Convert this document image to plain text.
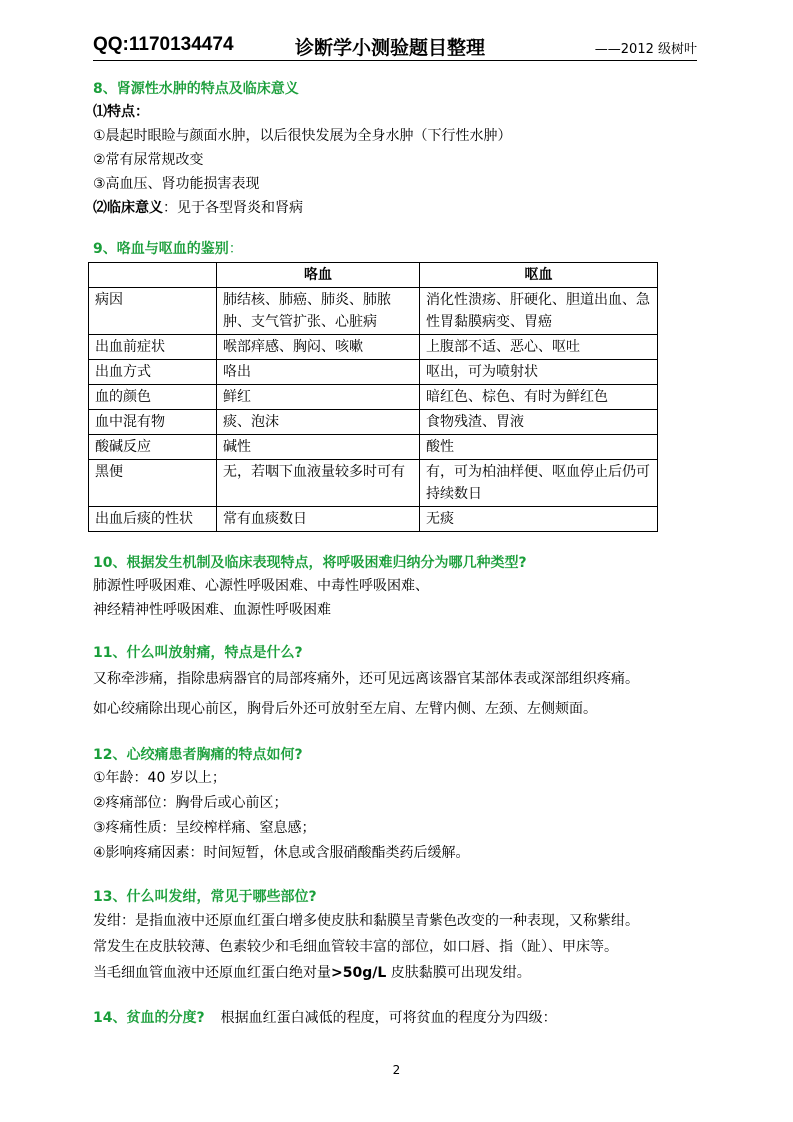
QQ:1170134474	诊断学小测验题目整理	——2012 级树叶
8、肾源性水肿的特点及临床意义
⑴特点：
①晨起时眼睑与颜面水肿，以后很快发展为全身水肿（下行性水肿）
②常有尿常规改变
③高血压、肾功能损害表现
⑵临床意义：见于各型肾炎和肾病
9、咯血与呕血的鉴别：
	咯血	呕血
病因	肺结核、肺癌、肺炎、肺脓肿、支气管扩张、心脏病	消化性溃疡、肝硬化、胆道出血、急性胃黏膜病变、胃癌
出血前症状	喉部痒感、胸闷、咳嗽	上腹部不适、恶心、呕吐
出血方式	咯出	呕出，可为喷射状
血的颜色	鲜红	暗红色、棕色、有时为鲜红色
血中混有物	痰、泡沫	食物残渣、胃液
酸碱反应	碱性	酸性
黑便	无，若咽下血液量较多时可有	有，可为柏油样便、呕血停止后仍可持续数日
出血后痰的性状	常有血痰数日	无痰
10、根据发生机制及临床表现特点，将呼吸困难归纳分为哪几种类型?
肺源性呼吸困难、心源性呼吸困难、中毒性呼吸困难、
神经精神性呼吸困难、血源性呼吸困难
11、什么叫放射痛，特点是什么?
又称牵涉痛，指除患病器官的局部疼痛外，还可见远离该器官某部体表或深部组织疼痛。
如心绞痛除出现心前区，胸骨后外还可放射至左肩、左臂内侧、左颈、左侧颊面。
12、心绞痛患者胸痛的特点如何?
①年龄：40 岁以上；
②疼痛部位：胸骨后或心前区；
③疼痛性质：呈绞榨样痛、窒息感；
④影响疼痛因素：时间短暂，休息或含服硝酸酯类药后缓解。
13、什么叫发绀，常见于哪些部位?
发绀：是指血液中还原血红蛋白增多使皮肤和黏膜呈青紫色改变的一种表现，又称紫绀。
常发生在皮肤较薄、色素较少和毛细血管较丰富的部位，如口唇、指（趾）、甲床等。
当毛细血管血液中还原血红蛋白绝对量>50g/L 皮肤黏膜可出现发绀。
14、贫血的分度? 根据血红蛋白减低的程度，可将贫血的程度分为四级：
2
